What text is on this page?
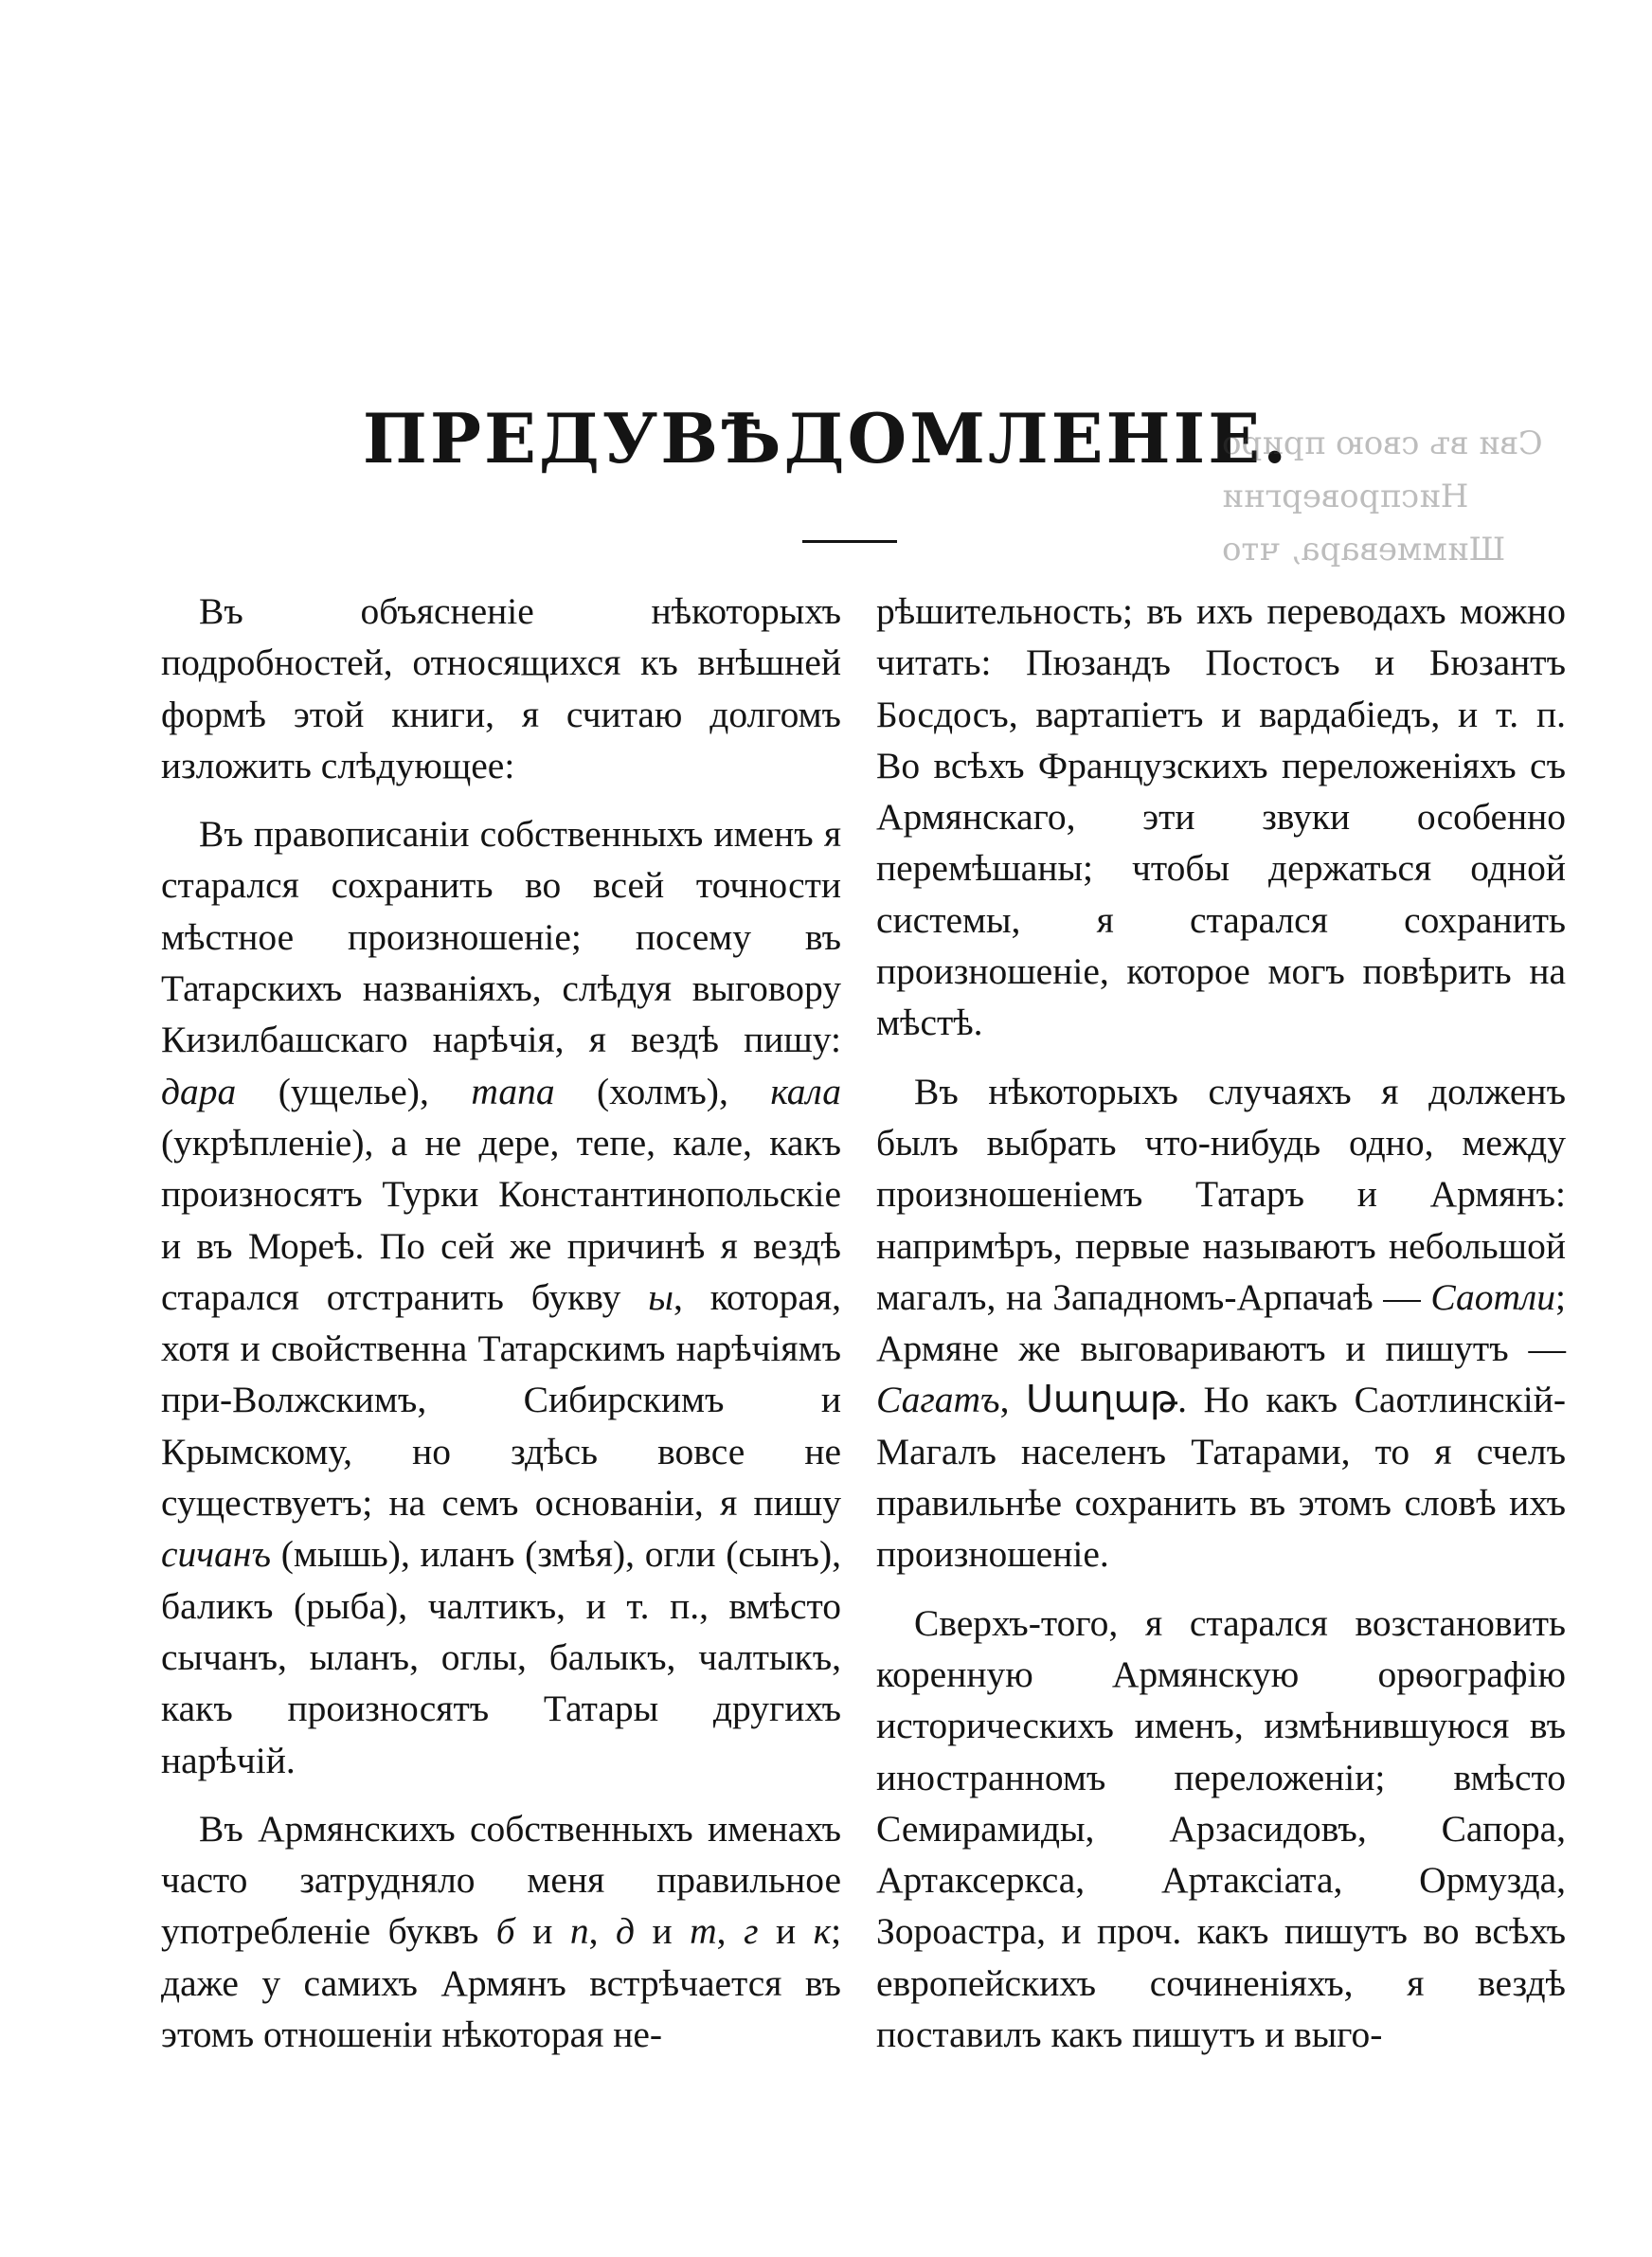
ПРЕДУВѢДОМЛЕНІЕ.
Сви въ свою приро
Ниспровергни
Шиммевара, что

Въ объясненіе нѣкоторыхъ подробностей, относящихся къ внѣшней формѣ этой книги, я считаю долгомъ изложить слѣдующее:

Въ правописаніи собственныхъ именъ я старался сохранить во всей точности мѣстное произношеніе; посему въ Татарскихъ названіяхъ, слѣдуя выговору Кизилбашскаго нарѣчія, я вездѣ пишу: дара (ущелье), тапа (холмъ), кала (укрѣпленіе), а не дере, тепе, кале, какъ произносятъ Турки Константинопольскіе и въ Мореѣ. По сей же причинѣ я вездѣ старался отстранить букву ы, которая, хотя и свойственна Татарскимъ нарѣчіямъ при-Волжскимъ, Сибирскимъ и Крымскому, но здѣсь вовсе не существуетъ; на семъ основаніи, я пишу сичанъ (мышь), иланъ (змѣя), огли (сынъ), баликъ (рыба), чалтикъ, и т. п., вмѣсто сычанъ, ыланъ, оглы, балыкъ, чалтыкъ, какъ произносятъ Татары другихъ нарѣчій.

Въ Армянскихъ собственныхъ именахъ часто затрудняло меня правильное употребленіе буквъ б и п, д и т, г и к; даже у самихъ Армянъ встрѣчается въ этомъ отношеніи нѣкоторая не-

рѣшительность; въ ихъ переводахъ можно читать: Пюзандъ Постосъ и Бюзантъ Босдосъ, вартапіетъ и вардабіедъ, и т. п. Во всѣхъ Французскихъ переложеніяхъ съ Армянскаго, эти звуки особенно перемѣшаны; чтобы держаться одной системы, я старался сохранить произношеніе, которое могъ повѣрить на мѣстѣ.

Въ нѣкоторыхъ случаяхъ я долженъ былъ выбрать что-нибудь одно, между произношеніемъ Татаръ и Армянъ: напримѣръ, первые называютъ небольшой магалъ, на Западномъ-Арпачаѣ — Саотли; Армяне же выговариваютъ и пишутъ — Сагатъ, Սաղաթ. Но какъ Саотлинскій-Магалъ населенъ Татарами, то я счелъ правильнѣе сохранить въ этомъ словѣ ихъ произношеніе.

Сверхъ-того, я старался возстановить коренную Армянскую орѳографію историческихъ именъ, измѣнившуюся въ иностранномъ переложеніи; вмѣсто Семирамиды, Арзасидовъ, Сапора, Артаксеркса, Артаксіата, Ормузда, Зороастра, и проч. какъ пишутъ во всѣхъ европейскихъ сочиненіяхъ, я вездѣ поставилъ какъ пишутъ и выго-
